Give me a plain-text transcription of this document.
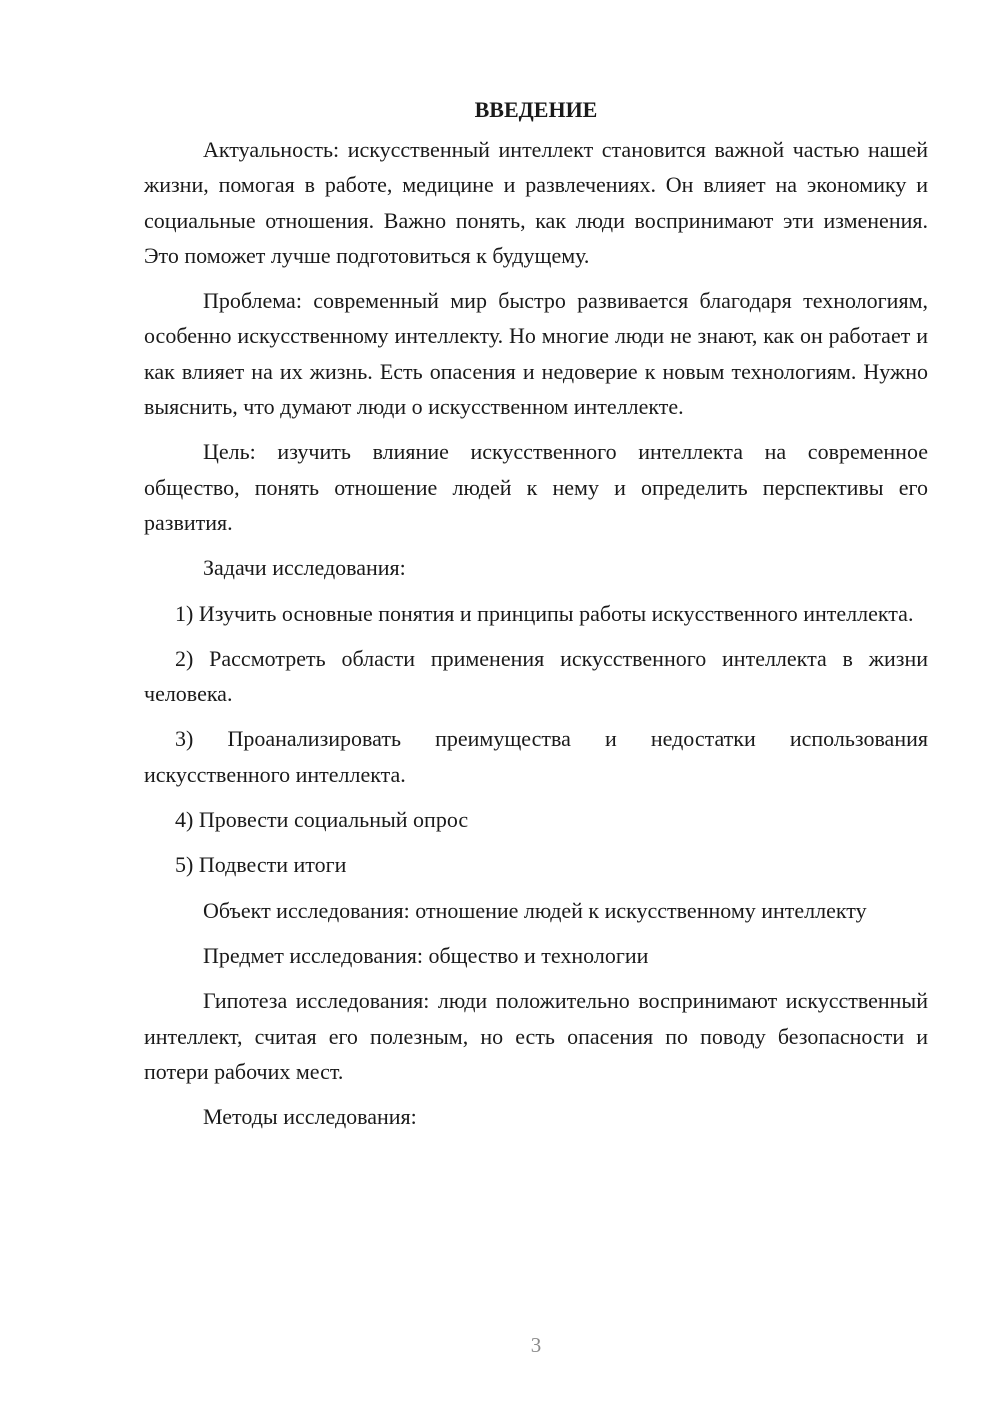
ВВЕДЕНИЕ

Актуальность: искусственный интеллект становится важной частью нашей жизни, помогая в работе, медицине и развлечениях. Он влияет на экономику и социальные отношения. Важно понять, как люди воспринимают эти изменения. Это поможет лучше подготовиться к будущему.

Проблема: современный мир быстро развивается благодаря технологиям, особенно искусственному интеллекту. Но многие люди не знают, как он работает и как влияет на их жизнь. Есть опасения и недоверие к новым технологиям. Нужно выяснить, что думают люди о искусственном интеллекте.

Цель: изучить влияние искусственного интеллекта на современное общество, понять отношение людей к нему и определить перспективы его развития.

Задачи исследования:

1) Изучить основные понятия и принципы работы искусственного интеллекта.

2) Рассмотреть области применения искусственного интеллекта в жизни человека.

3) Проанализировать преимущества и недостатки использования искусственного интеллекта.

4) Провести социальный опрос

5) Подвести итоги

Объект исследования: отношение людей к искусственному интеллекту

Предмет исследования: общество и технологии

Гипотеза исследования: люди положительно воспринимают искусственный интеллект, считая его полезным, но есть опасения по поводу безопасности и потери рабочих мест.

Методы исследования:

3
